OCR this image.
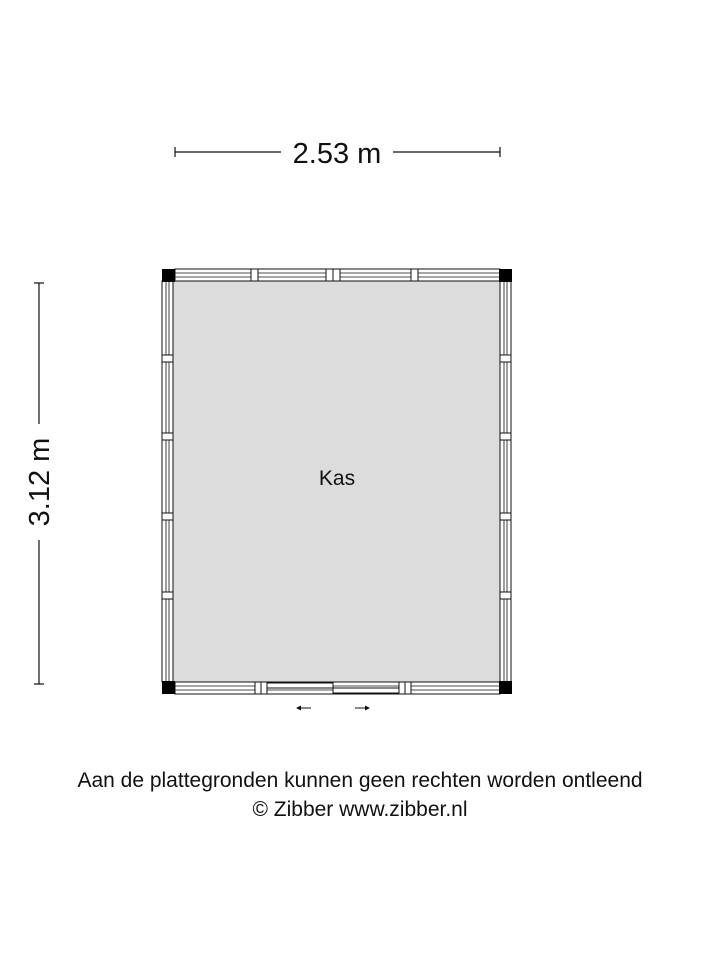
2.53 m
3.12 m	Kas
Aan de plattegronden kunnen geen rechten worden ontleend
© Zibber www.zibber.nl
